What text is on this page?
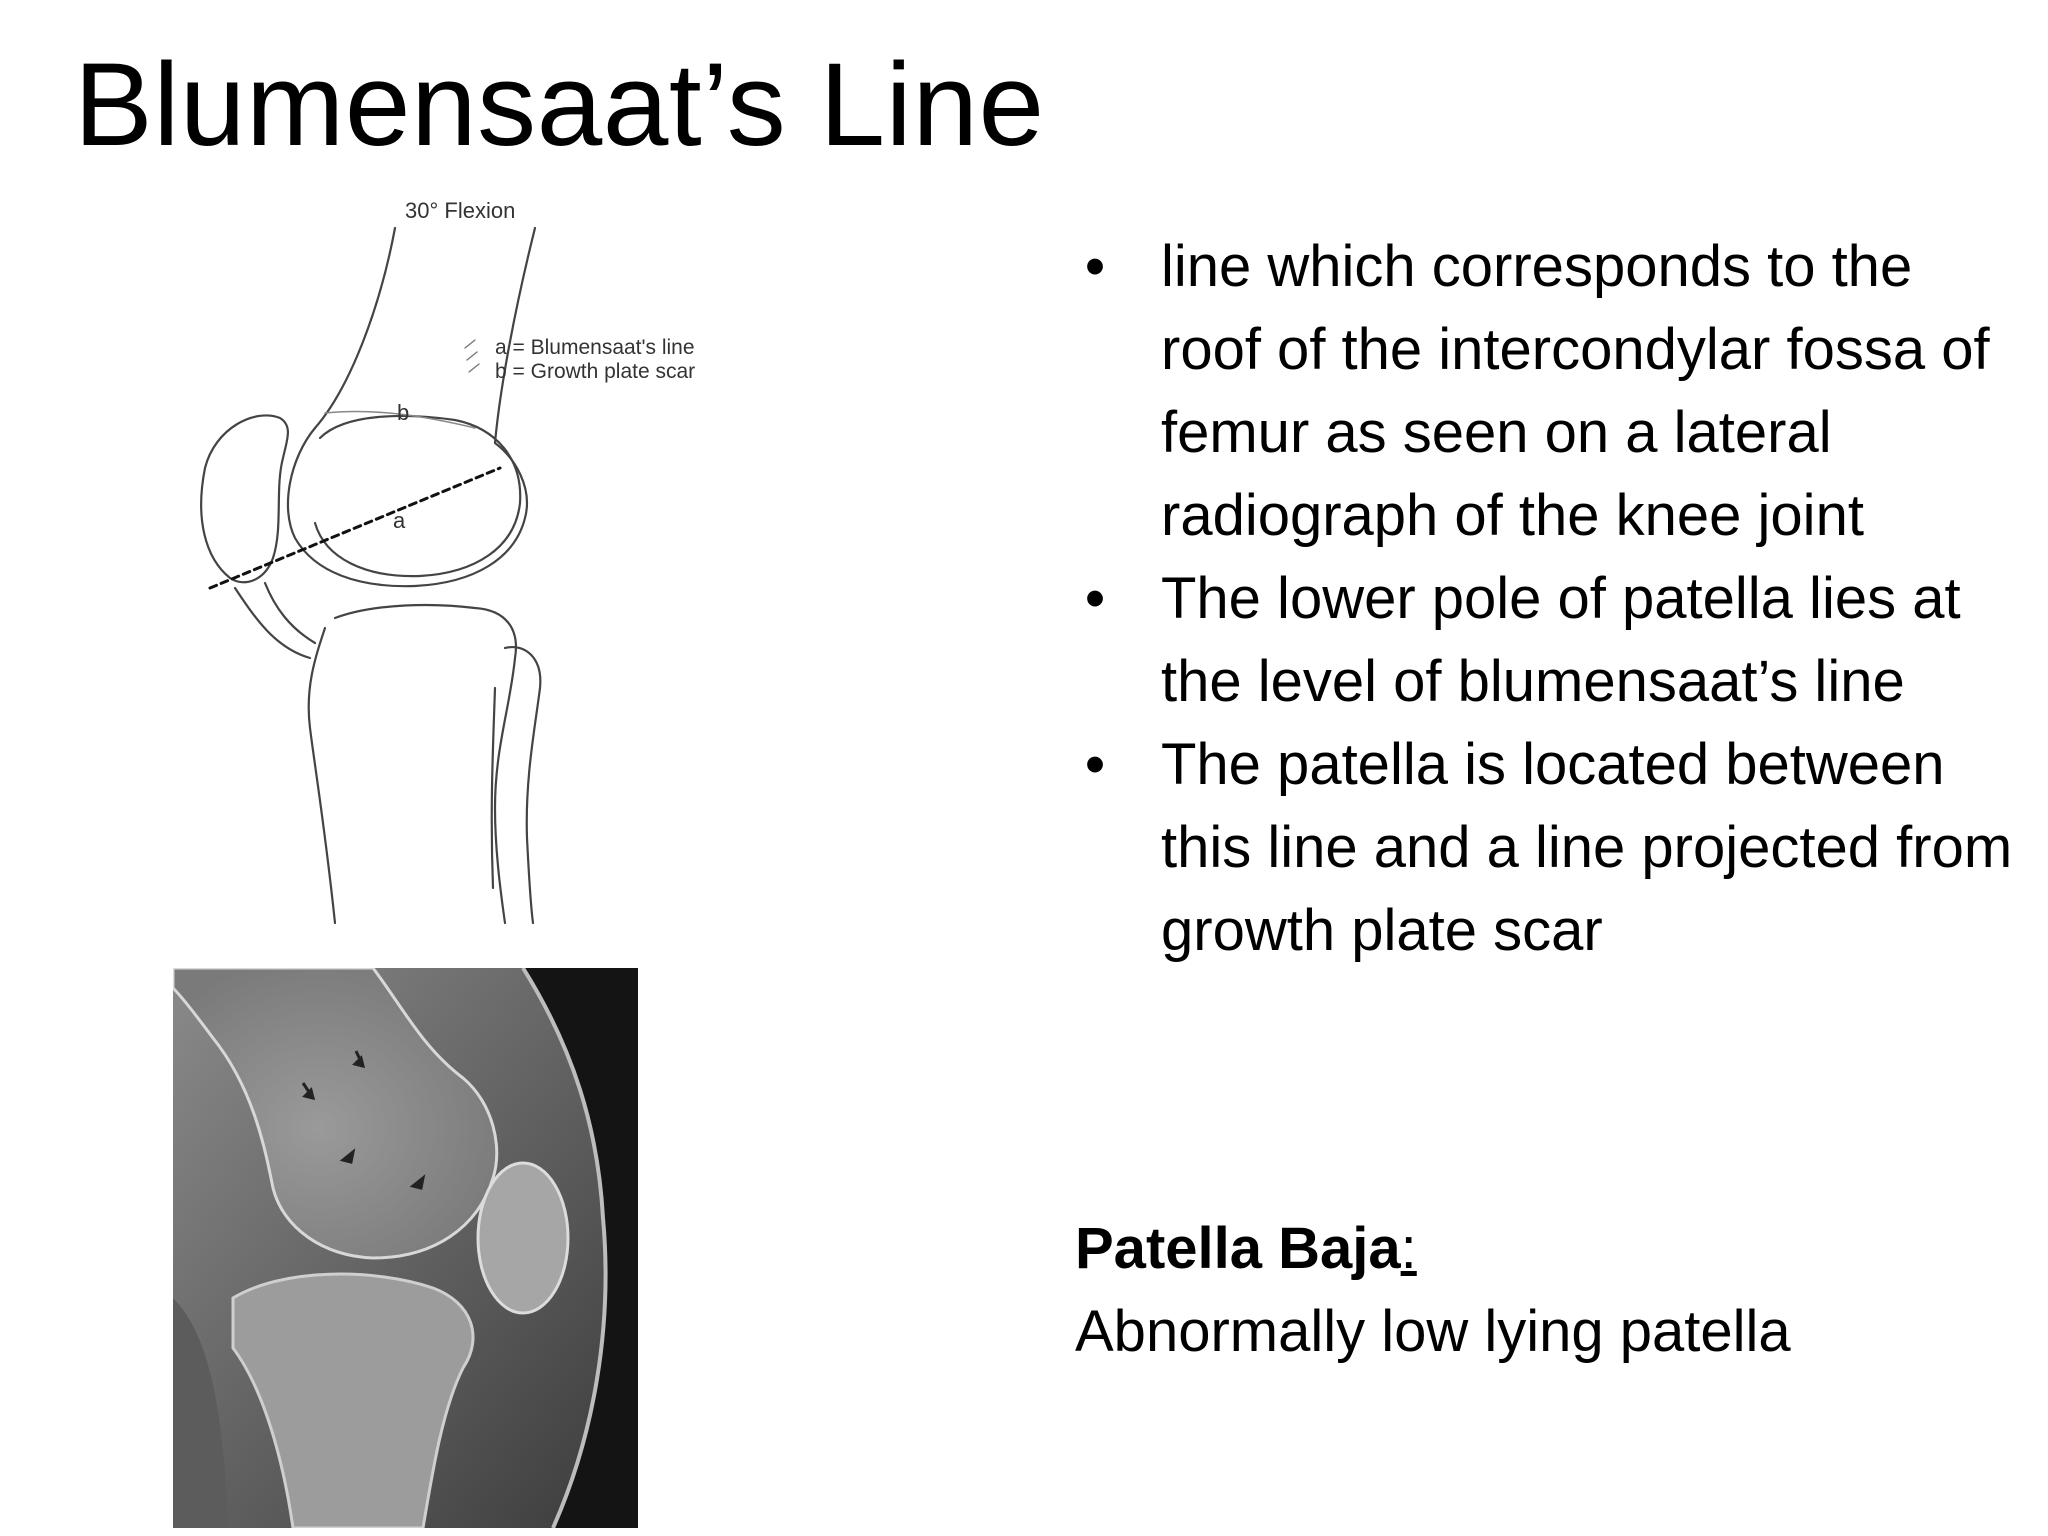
Blumensaat’s Line
30° Flexion
a = Blumensaat's line
b = Growth plate scar
b
a
• line which corresponds to the roof of the intercondylar fossa of femur as seen on a lateral radiograph of the knee joint
• The lower pole of patella lies at the level of blumensaat’s line
• The patella is located between this line and a line projected from growth plate scar
Patella Baja:
Abnormally low lying patella
